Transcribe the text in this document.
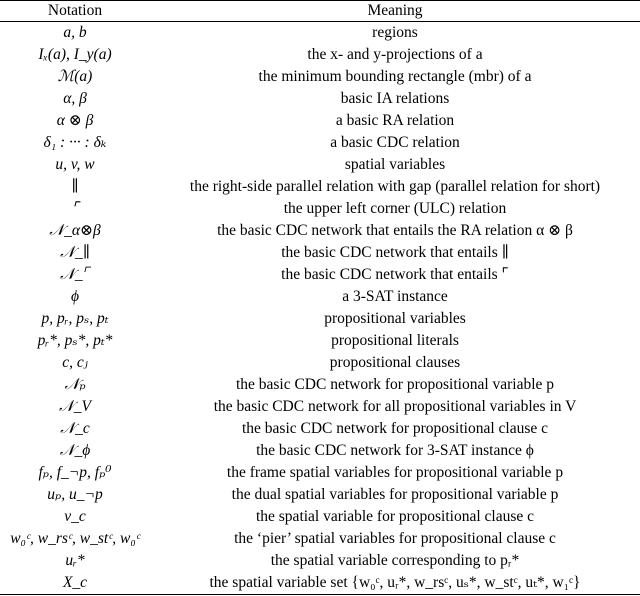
Notation	Meaning
a, b	regions
Iₓ(a), I_y(a)	the x- and y-projections of a
ℳ(a)	the minimum bounding rectangle (mbr) of a
α, β	basic IA relations
α ⊗ β	a basic RA relation
δ₁ : ··· : δₖ	a basic CDC relation
u, v, w	spatial variables
∥	the right-side parallel relation with gap (parallel relation for short)
⌜	the upper left corner (ULC) relation
𝒩_α⊗β	the basic CDC network that entails the RA relation α ⊗ β
𝒩_∥	the basic CDC network that entails ∥
𝒩_⌜	the basic CDC network that entails ⌜
ϕ	a 3-SAT instance
p, pᵣ, pₛ, pₜ	propositional variables
pᵣ*, pₛ*, pₜ*	propositional literals
c, cⱼ	propositional clauses
𝒩ₚ	the basic CDC network for propositional variable p
𝒩_V	the basic CDC network for all propositional variables in V
𝒩_c	the basic CDC network for propositional clause c
𝒩_ϕ	the basic CDC network for 3-SAT instance ϕ
fₚ, f_¬p, fₚ⁰	the frame spatial variables for propositional variable p
uₚ, u_¬p	the dual spatial variables for propositional variable p
v_c	the spatial variable for propositional clause c
w₀ᶜ, w_rsᶜ, w_stᶜ, w₀ᶜ	the ‘pier’ spatial variables for propositional clause c
uᵣ*	the spatial variable corresponding to pᵣ*
X_c	the spatial variable set {w₀ᶜ, uᵣ*, w_rsᶜ, uₛ*, w_stᶜ, uₜ*, w₁ᶜ}
